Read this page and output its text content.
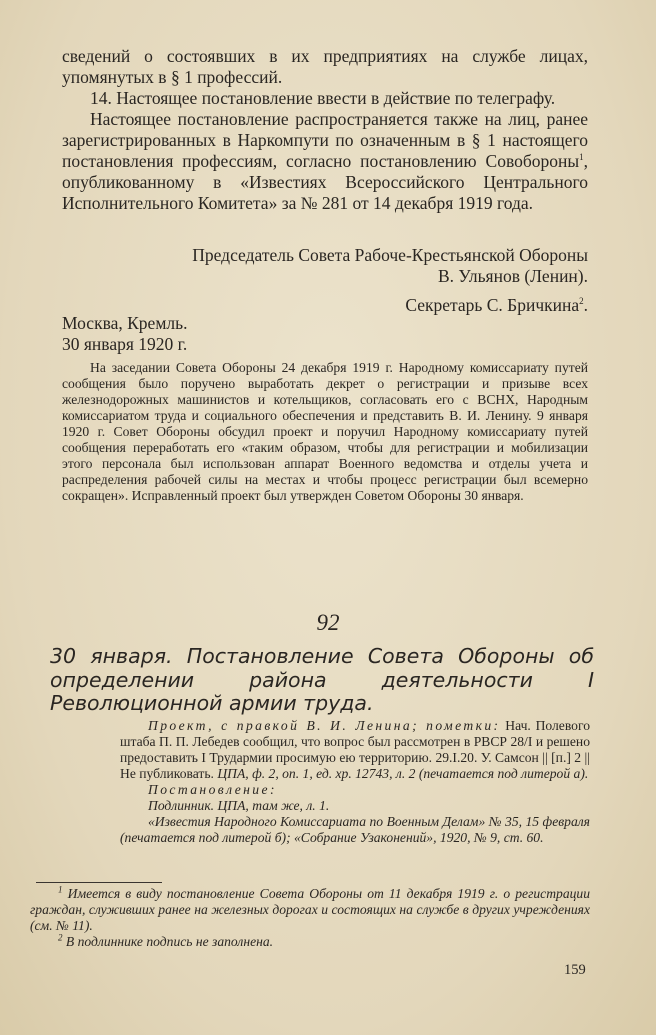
сведений о состоявших в их предприятиях на службе лицах, упомянутых в § 1 профессий.

14. Настоящее постановление ввести в действие по телеграфу.

Настоящее постановление распространяется также на лиц, ранее зарегистрированных в Наркомпути по означенным в § 1 настоящего постановления профессиям, согласно постановлению Совобороны$^1$, опубликованному в «Известиях Всероссийского Центрального Исполнительного Комитета» за № 281 от 14 декабря 1919 года.

Председатель Совета Рабоче-Крестьянской Обороны

В. Ульянов (Ленин).

Секретарь С. Бричкина$^2$.

Москва, Кремль.

30 января 1920 г.

На заседании Совета Обороны 24 декабря 1919 г. Народному комиссариату путей сообщения было поручено выработать декрет о регистрации и призыве всех железнодорожных машинистов и котельщиков, согласовать его с ВСНХ, Народным комиссариатом труда и социального обеспечения и представить В. И. Ленину. 9 января 1920 г. Совет Обороны обсудил проект и поручил Народному комиссариату путей сообщения переработать его «таким образом, чтобы для регистрации и мобилизации этого персонала был использован аппарат Военного ведомства и отделы учета и распределения рабочей силы на местах и чтобы процесс регистрации был всемерно сокращен». Исправленный проект был утвержден Советом Обороны 30 января.

92
30 января. Постановление Совета Обороны об определении района деятельности I Революционной армии труда.

Проект, с правкой В. И. Ленина; пометки: Нач. Полевого штаба П. П. Лебедев сообщил, что вопрос был рассмотрен в РВСР 28/I и решено предоставить I Трудармии просимую ею территорию. 29.I.20. У. Самсон || [п.] 2 || Не публиковать. ЦПА, ф. 2, оп. 1, ед. хр. 12743, л. 2 (печатается под литерой а).

Постановление:

Подлинник. ЦПА, там же, л. 1.

«Известия Народного Комиссариата по Военным Делам» № 35, 15 февраля (печатается под литерой б); «Собрание Узаконений», 1920, № 9, ст. 60.

$^1$ Имеется в виду постановление Совета Обороны от 11 декабря 1919 г. о регистрации граждан, служивших ранее на железных дорогах и состоящих на службе в других учреждениях (см. № 11).

$^2$ В подлиннике подпись не заполнена.

159
